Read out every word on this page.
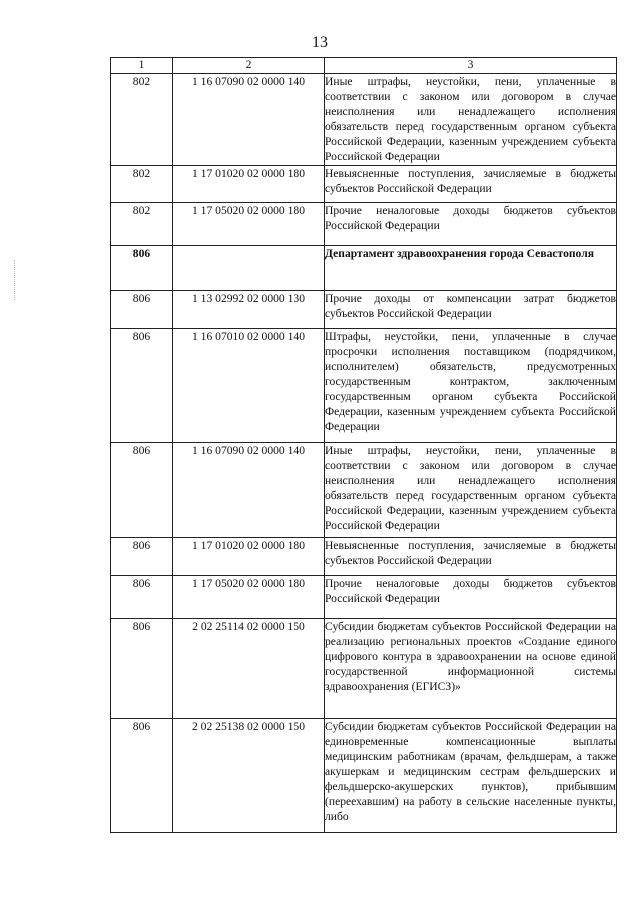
13
1	2	3
802	1 16 07090 02 0000 140	Иные штрафы, неустойки, пени, уплаченные в соответствии с законом или договором в случае неисполнения или ненадлежащего исполнения обязательств перед государственным органом субъекта Российской Федерации, казенным учреждением субъекта Российской Федерации
802	1 17 01020 02 0000 180	Невыясненные поступления, зачисляемые в бюджеты субъектов Российской Федерации
802	1 17 05020 02 0000 180	Прочие неналоговые доходы бюджетов субъектов Российской Федерации
806		Департамент здравоохранения города Севастополя
806	1 13 02992 02 0000 130	Прочие доходы от компенсации затрат бюджетов субъектов Российской Федерации
806	1 16 07010 02 0000 140	Штрафы, неустойки, пени, уплаченные в случае просрочки исполнения поставщиком (подрядчиком, исполнителем) обязательств, предусмотренных государственным контрактом, заключенным государственным органом субъекта Российской Федерации, казенным учреждением субъекта Российской Федерации
806	1 16 07090 02 0000 140	Иные штрафы, неустойки, пени, уплаченные в соответствии с законом или договором в случае неисполнения или ненадлежащего исполнения обязательств перед государственным органом субъекта Российской Федерации, казенным учреждением субъекта Российской Федерации
806	1 17 01020 02 0000 180	Невыясненные поступления, зачисляемые в бюджеты субъектов Российской Федерации
806	1 17 05020 02 0000 180	Прочие неналоговые доходы бюджетов субъектов Российской Федерации
806	2 02 25114 02 0000 150	Субсидии бюджетам субъектов Российской Федерации на реализацию региональных проектов «Создание единого цифрового контура в здравоохранении на основе единой государственной информационной системы здравоохранения (ЕГИСЗ)»
806	2 02 25138 02 0000 150	Субсидии бюджетам субъектов Российской Федерации на единовременные компенсационные выплаты медицинским работникам (врачам, фельдшерам, а также акушеркам и медицинским сестрам фельдшерских и фельдшерско-акушерских пунктов), прибывшим (переехавшим) на работу в сельские населенные пункты, либо
